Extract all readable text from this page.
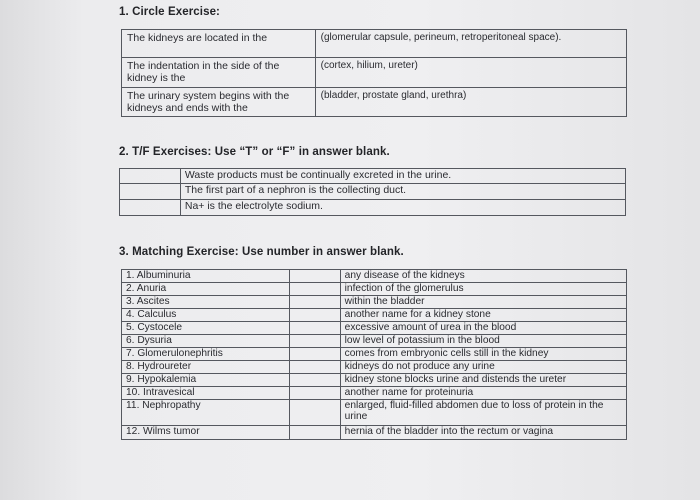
1. Circle Exercise:
The kidneys are located in the	(glomerular capsule, perineum, retroperitoneal space).
The indentation in the side of the kidney is the	(cortex, hilium, ureter)
The urinary system begins with the kidneys and ends with the	(bladder, prostate gland, urethra)
2. T/F Exercises: Use “T” or “F” in answer blank.
	Waste products must be continually excreted in the urine.
	The first part of a nephron is the collecting duct.
	Na+ is the electrolyte sodium.
3. Matching Exercise: Use number in answer blank.
1. Albuminuria		any disease of the kidneys
2. Anuria		infection of the glomerulus
3. Ascites		within the bladder
4. Calculus		another name for a kidney stone
5. Cystocele		excessive amount of urea in the blood
6. Dysuria		low level of potassium in the blood
7. Glomerulonephritis		comes from embryonic cells still in the kidney
8. Hydroureter		kidneys do not produce any urine
9. Hypokalemia		kidney stone blocks urine and distends the ureter
10. Intravesical		another name for proteinuria
11. Nephropathy		enlarged, fluid-filled abdomen due to loss of protein in the urine
12. Wilms tumor		hernia of the bladder into the rectum or vagina
